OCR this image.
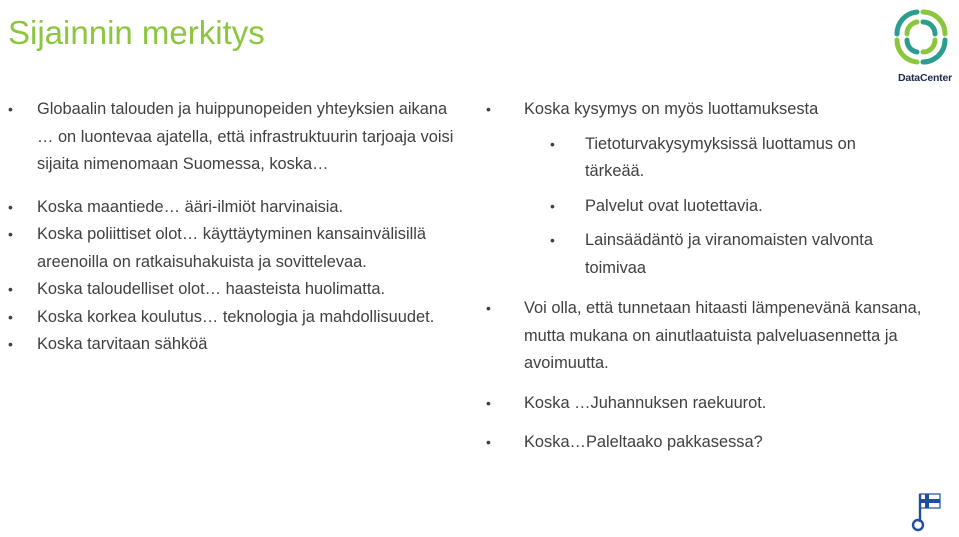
Sijainnin merkitys
DataCenter
• Globaalin talouden ja huippunopeiden yhteyksien aikana … on luontevaa ajatella, että infrastruktuurin tarjoaja voisi sijaita nimenomaan Suomessa, koska…
• Koska maantiede… ääri-ilmiöt harvinaisia.
• Koska poliittiset olot… käyttäytyminen kansainvälisillä areenoilla on ratkaisuhakuista ja sovittelevaa.
• Koska taloudelliset olot… haasteista huolimatta.
• Koska korkea koulutus… teknologia ja mahdollisuudet.
• Koska tarvitaan sähköä
• Koska kysymys on myös luottamuksesta
• Tietoturvakysymyksissä luottamus on tärkeää.
• Palvelut ovat luotettavia.
• Lainsäädäntö ja viranomaisten valvonta toimivaa
• Voi olla, että tunnetaan hitaasti lämpenevänä kansana, mutta mukana on ainutlaatuista palveluasennetta ja avoimuutta.
• Koska …Juhannuksen raekuurot.
• Koska…Paleltaako pakkasessa?
